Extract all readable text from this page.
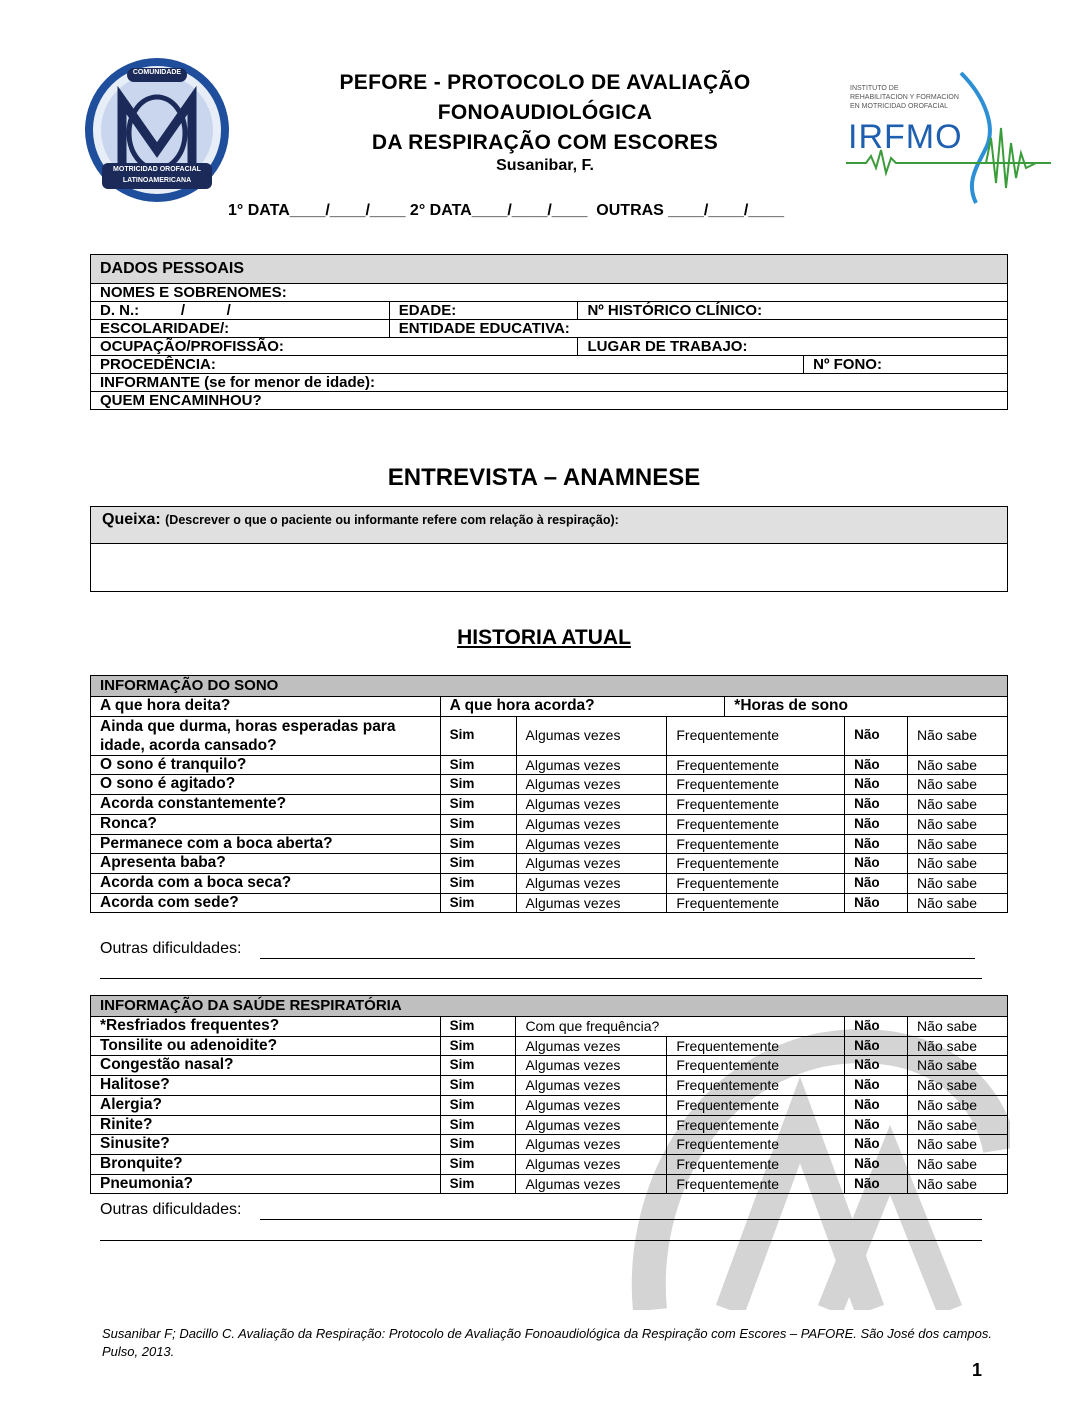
COMUNIDADE
MOTRICIDAD OROFACIAL
LATINOAMERICANA
PEFORE - PROTOCOLO DE AVALIAÇÃO
FONOAUDIOLÓGICA
DA RESPIRAÇÃO COM ESCORES
Susanibar, F.
INSTITUTO DE
REHABILITACION Y FORMACION
EN MOTRICIDAD OROFACIAL
IRFMO
1° DATA____/____/____ 2° DATA____/____/____  OUTRAS ____/____/____
DADOS PESSOAIS			
NOMES E SOBRENOMES:			
D. N.:          /          /	EDADE:	Nº HISTÓRICO CLÍNICO:	
ESCOLARIDADE/:	ENTIDADE EDUCATIVA:		
OCUPAÇÃO/PROFISSÃO:		LUGAR DE TRABAJO:	
PROCEDÊNCIA:			Nº FONO:
INFORMANTE (se for menor de idade):			
QUEM ENCAMINHOU?			
ENTREVISTA – ANAMNESE
Queixa: (Descrever o que o paciente ou informante refere com relação à respiração):
HISTORIA ATUAL
INFORMAÇÃO DO SONO						
A que hora deita?	A que hora acorda?			*Horas de sono		
Ainda que durma, horas esperadas para idade, acorda cansado?	Sim	Algumas vezes	Frequentemente		Não	Não sabe
O sono é tranquilo?	Sim	Algumas vezes	Frequentemente		Não	Não sabe
O sono é agitado?	Sim	Algumas vezes	Frequentemente		Não	Não sabe
Acorda constantemente?	Sim	Algumas vezes	Frequentemente		Não	Não sabe
Ronca?	Sim	Algumas vezes	Frequentemente		Não	Não sabe
Permanece com a boca aberta?	Sim	Algumas vezes	Frequentemente		Não	Não sabe
Apresenta baba?	Sim	Algumas vezes	Frequentemente		Não	Não sabe
Acorda com a boca seca?	Sim	Algumas vezes	Frequentemente		Não	Não sabe
Acorda com sede?	Sim	Algumas vezes	Frequentemente		Não	Não sabe
Outras dificuldades:
INFORMAÇÃO DA SAÚDE RESPIRATÓRIA					
*Resfriados frequentes?	Sim	Com que frequência?		Não	Não sabe
Tonsilite ou adenoidite?	Sim	Algumas vezes	Frequentemente	Não	Não sabe
Congestão nasal?	Sim	Algumas vezes	Frequentemente	Não	Não sabe
Halitose?	Sim	Algumas vezes	Frequentemente	Não	Não sabe
Alergia?	Sim	Algumas vezes	Frequentemente	Não	Não sabe
Rinite?	Sim	Algumas vezes	Frequentemente	Não	Não sabe
Sinusite?	Sim	Algumas vezes	Frequentemente	Não	Não sabe
Bronquite?	Sim	Algumas vezes	Frequentemente	Não	Não sabe
Pneumonia?	Sim	Algumas vezes	Frequentemente	Não	Não sabe
Outras dificuldades:
Susanibar F; Dacillo C. Avaliação da Respiração: Protocolo de Avaliação Fonoaudiológica da Respiração com Escores – PAFORE. São José dos campos. Pulso, 2013.
1
